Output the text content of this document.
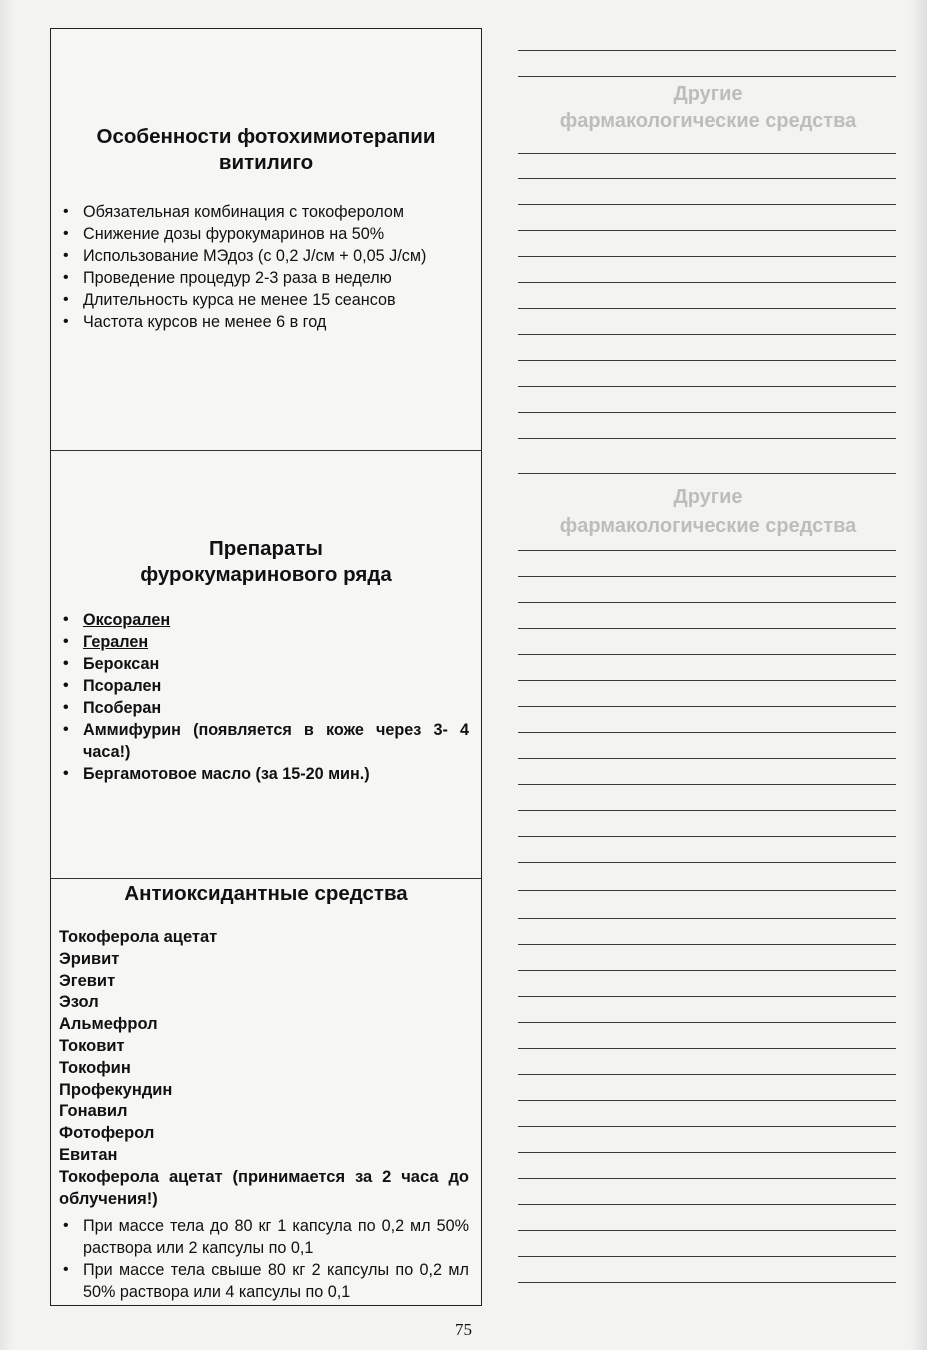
Другие
фармакологические средства
Другие
фармакологические средства
Особенности фотохимиотерапии
витилиго
• Обязательная комбинация с токоферолом
• Снижение дозы фурокумаринов на 50%
• Использование МЭдоз (с 0,2 J/см + 0,05 J/см)
• Проведение процедур 2-3 раза в неделю
• Длительность курса не менее 15 сеансов
• Частота курсов не менее 6 в год
Препараты
фурокумаринового ряда
• Оксорален
• Герален
• Бероксан
• Псорален
• Псоберан
• Аммифурин (появляется в коже через 3- 4 часа!)
• Бергамотовое масло (за 15-20 мин.)
Антиоксидантные средства
Токоферола ацетат
Эривит
Эгевит
Эзол
Альмефрол
Токовит
Токофин
Профекундин
Гонавил
Фотоферол
Евитан
Токоферола ацетат (принимается за 2 часа до облучения!)
• При массе тела до 80 кг 1 капсула по 0,2 мл 50% раствора или 2 капсулы по 0,1
• При массе тела свыше 80 кг 2 капсулы по 0,2 мл 50% раствора или 4 капсулы по 0,1
75
